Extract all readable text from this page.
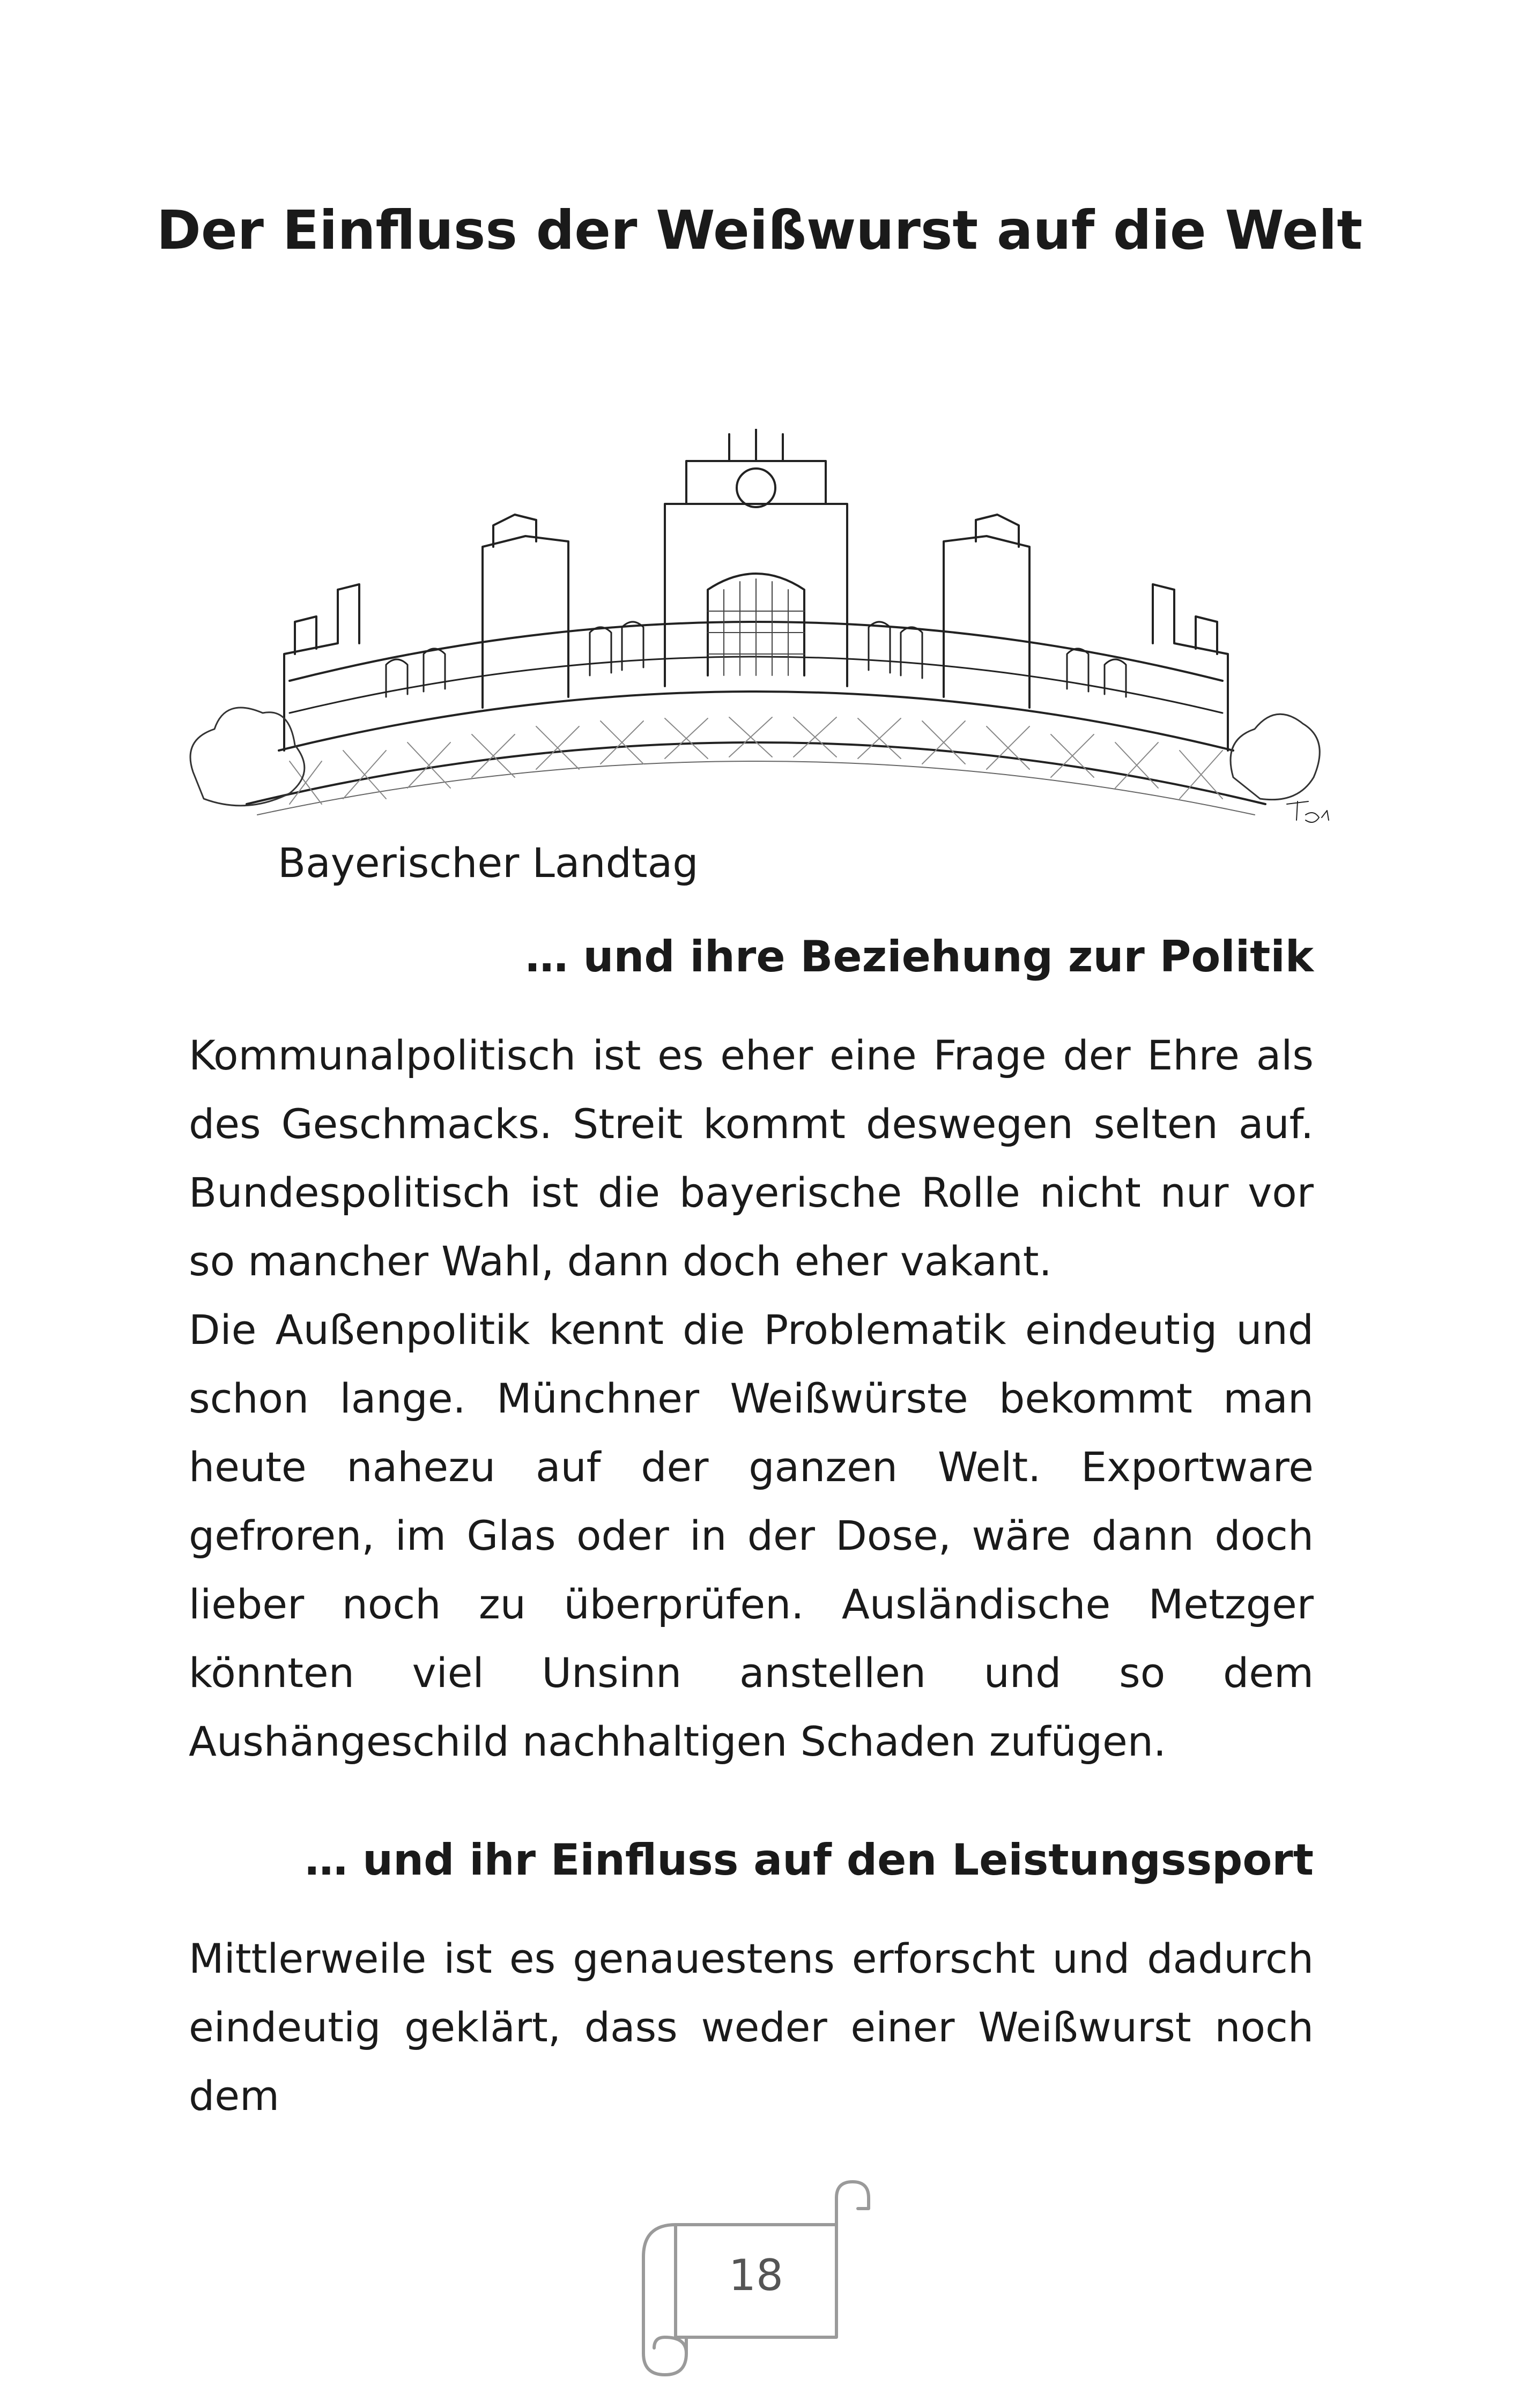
Der Einfluss der Weißwurst auf die Welt
Bayerischer Landtag
… und ihre Beziehung zur Politik

Kommunalpolitisch ist es eher eine Frage der Ehre als des Geschmacks. Streit kommt deswegen selten auf. Bundespolitisch ist die bayerische Rolle nicht nur vor so mancher Wahl, dann doch eher vakant.
Die Außenpolitik kennt die Problematik eindeutig und schon lange. Münchner Weißwürste bekommt man heute nahezu auf der ganzen Welt. Exportware gefroren, im Glas oder in der Dose, wäre dann doch lieber noch zu überprüfen. Ausländische Metzger könnten viel Unsinn anstellen und so dem Aushängeschild nachhaltigen Schaden zufügen.

… und ihr Einfluss auf den Leistungssport

Mittlerweile ist es genauestens erforscht und dadurch eindeutig geklärt, dass weder einer Weißwurst noch dem

18
